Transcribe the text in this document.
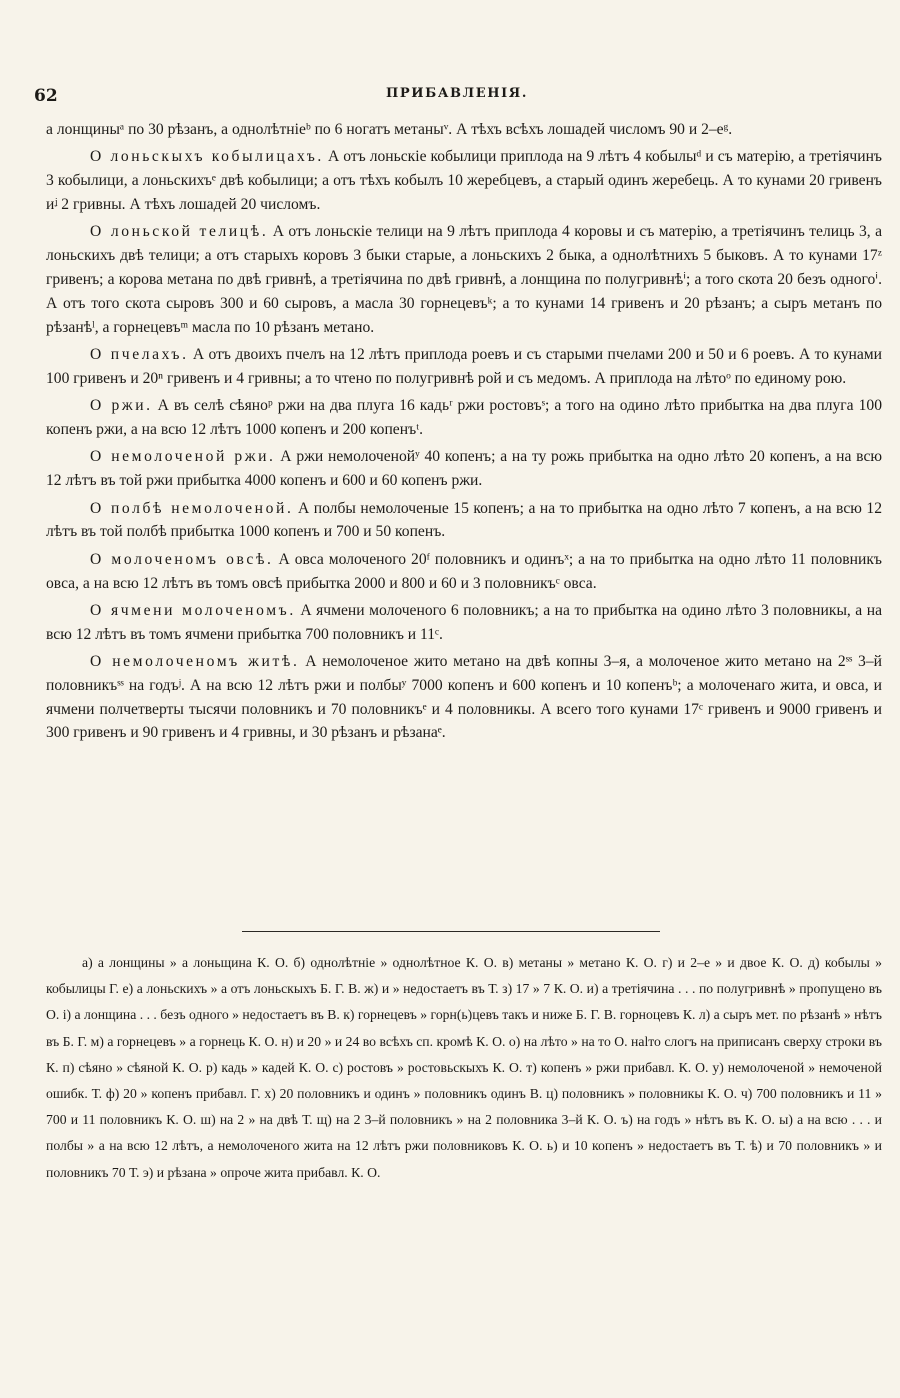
62	ПРИБАВЛЕНІЯ.

а лонщиныᵃ по 30 рѣзанъ, а однолѣтніеᵇ по 6 ногатъ метаныᵛ. А тѣхъ всѣхъ лошадей числомъ 90 и 2–еᵍ.

О лоньскыхъ кобылицахъ. А отъ лоньскіе кобылици приплода на 9 лѣтъ 4 кобылыᵈ и съ матерію, а третіячинъ 3 кобылици, а лоньскихъᵉ двѣ кобылици; а отъ тѣхъ кобылъ 10 жеребцевъ, а старый одинъ жеребець. А то кунами 20 гривенъ иᶨ 2 гривны. А тѣхъ лошадей 20 числомъ.

О лоньской телицѣ. А отъ лоньскіе телици на 9 лѣтъ приплода 4 коровы и съ матерію, а третіячинъ телиць 3, а лоньскихъ двѣ телици; а отъ старыхъ коровъ 3 быки старые, а лоньскихъ 2 быка, а однолѣтнихъ 5 быковъ. А то кунами 17ᶻ гривенъ; а корова метана по двѣ гривнѣ, а третіячина по двѣ гривнѣ, а лонщина по полугривнѣⁱ; а того скота 20 безъ одногоⁱ. А отъ того скота сыровъ 300 и 60 сыровъ, а масла 30 горнецевъᵏ; а то кунами 14 гривенъ и 20 рѣзанъ; а сыръ метанъ по рѣзанѣˡ, а горнецевъᵐ масла по 10 рѣзанъ метано.

О пчелахъ. А отъ двоихъ пчелъ на 12 лѣтъ приплода роевъ и съ старыми пчелами 200 и 50 и 6 роевъ. А то кунами 100 гривенъ и 20ⁿ гривенъ и 4 гривны; а то чтено по полугривнѣ рой и съ медомъ. А приплода на лѣтоᵒ по единому рою.

О ржи. А въ селѣ сѣяноᵖ ржи на два плуга 16 кадьʳ ржи ростовъˢ; а того на одино лѣто прибытка на два плуга 100 копенъ ржи, а на всю 12 лѣтъ 1000 копенъ и 200 копенъᵗ.

О немолоченой ржи. А ржи немолоченойʸ 40 копенъ; а на ту рожь прибытка на одно лѣто 20 копенъ, а на всю 12 лѣтъ въ той ржи прибытка 4000 копенъ и 600 и 60 копенъ ржи.

О полбѣ немолоченой. А полбы немолоченые 15 копенъ; а на то прибытка на одно лѣто 7 копенъ, а на всю 12 лѣтъ въ той полбѣ прибытка 1000 копенъ и 700 и 50 копенъ.

О молоченомъ овсѣ. А овса молоченого 20ᶠ половникъ и одинъˣ; а на то прибытка на одно лѣто 11 половникъ овса, а на всю 12 лѣтъ въ томъ овсѣ прибытка 2000 и 800 и 60 и 3 половникъᶜ овса.

О ячмени молоченомъ. А ячмени молоченого 6 половникъ; а на то прибытка на одино лѣто 3 половникы, а на всю 12 лѣтъ въ томъ ячмени прибытка 700 половникъ и 11ᶜ.

О немолоченомъ житѣ. А немолоченое жито метано на двѣ копны 3–я, а молоченое жито метано на 2ˢˢ 3–й половникъˢˢ на годъʲ. А на всю 12 лѣтъ ржи и полбыʸ 7000 копенъ и 600 копенъ и 10 копенъᵇ; а молоченаго жита, и овса, и ячмени полчетверты тысячи половникъ и 70 половникъᵉ и 4 половникы. А всего того кунами 17ᶜ гривенъ и 9000 гривенъ и 300 гривенъ и 90 гривенъ и 4 гривны, и 30 рѣзанъ и рѣзанаᵉ.

а) а лонщины » а лоньщина К. О. б) однолѣтніе » однолѣтное К. О. в) метаны » метано К. О. г) и 2–е » и двое К. О. д) кобылы » кобылицы Г. е) а лоньскихъ » а отъ лоньскыхъ Б. Г. В. ж) и » недостаетъ въ Т. з) 17 » 7 К. О. и) а третіячина . . . по полугривнѣ » пропущено въ О. і) а лонщина . . . безъ одного » недостаетъ въ В. к) горнецевъ » горн(ь)цевъ такъ и ниже Б. Г. В. горноцевъ К. л) а сыръ мет. по рѣзанѣ » нѣтъ въ Б. Г. м) а горнецевъ » а горнець К. О. н) и 20 » и 24 во всѣхъ сп. кромѣ К. О. о) на лѣто » на то О. нalто слогъ на приписанъ сверху строки въ К. п) сѣяно » сѣяной К. О. р) кадь » кадей К. О. с) ростовъ » ростовьскыхъ К. О. т) копенъ » ржи прибавл. К. О. у) немолоченой » немоченой ошибк. Т. ф) 20 » копенъ прибавл. Г. х) 20 половникъ и одинъ » половникъ одинъ В. ц) половникъ » половникы К. О. ч) 700 половникъ и 11 » 700 и 11 половникъ К. О. ш) на 2 » на двѣ Т. щ) на 2 3–й половникъ » на 2 половника 3–й К. О. ъ) на годъ » нѣтъ въ К. О. ы) а на всю . . . и полбы » а на всю 12 лѣтъ, а немолоченого жита на 12 лѣтъ ржи половниковъ К. О. ь) и 10 копенъ » недостаетъ въ Т. ѣ) и 70 половникъ » и половникъ 70 Т. э) и рѣзана » опроче жита прибавл. К. О.
